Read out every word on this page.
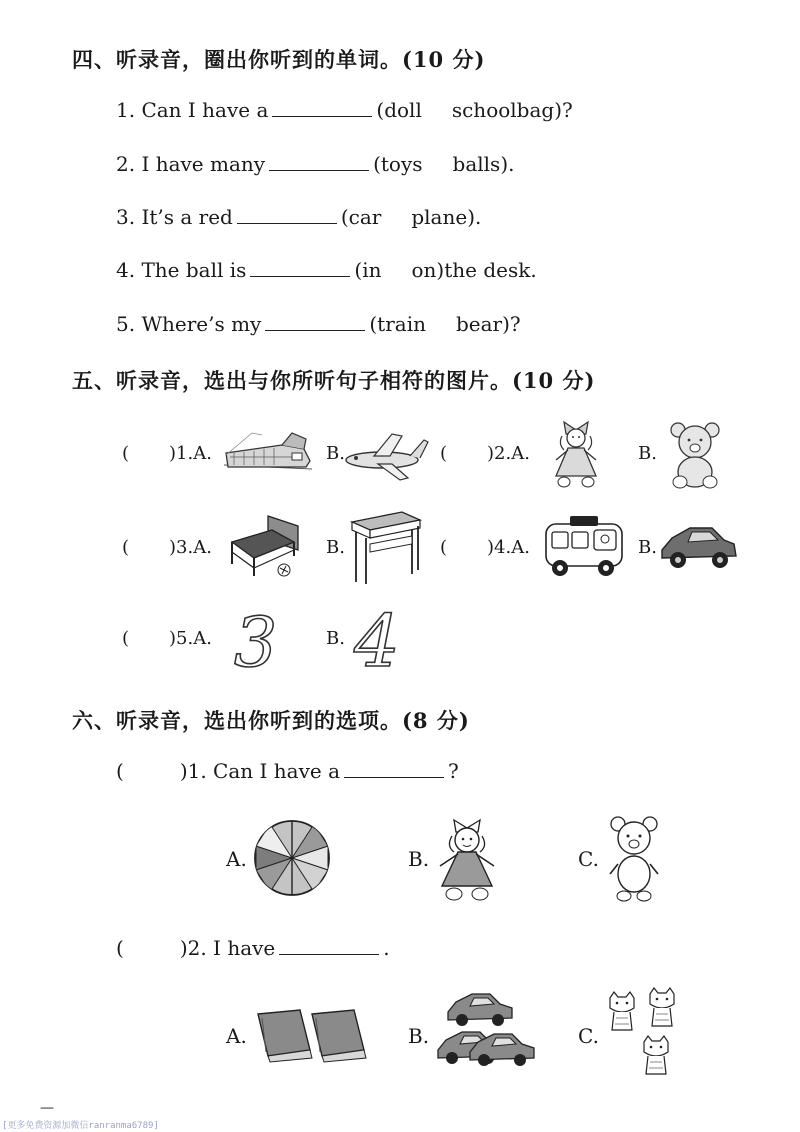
四、听录音，圈出你听到的单词。(10 分)
1. Can I have a	(doll schoolbag)?
2. I have many	(toys balls).
3. It’s a red	(car plane).
4. The ball is	(in on)the desk.
5. Where’s my	(train bear)?
五、听录音，选出与你所听句子相符的图片。(10 分)
( )1.A.	B.	( )2.A.	B.
( )3.A.	B.	( )4.A.	B.
( )5.A. 3	B. 4
六、听录音，选出你听到的选项。(8 分)
(	)1. Can I have a	?
A.	B.	C.
(	)2. I have	.
A.	B.	C.
—
[更多免费资源加微信ranranma6789]
